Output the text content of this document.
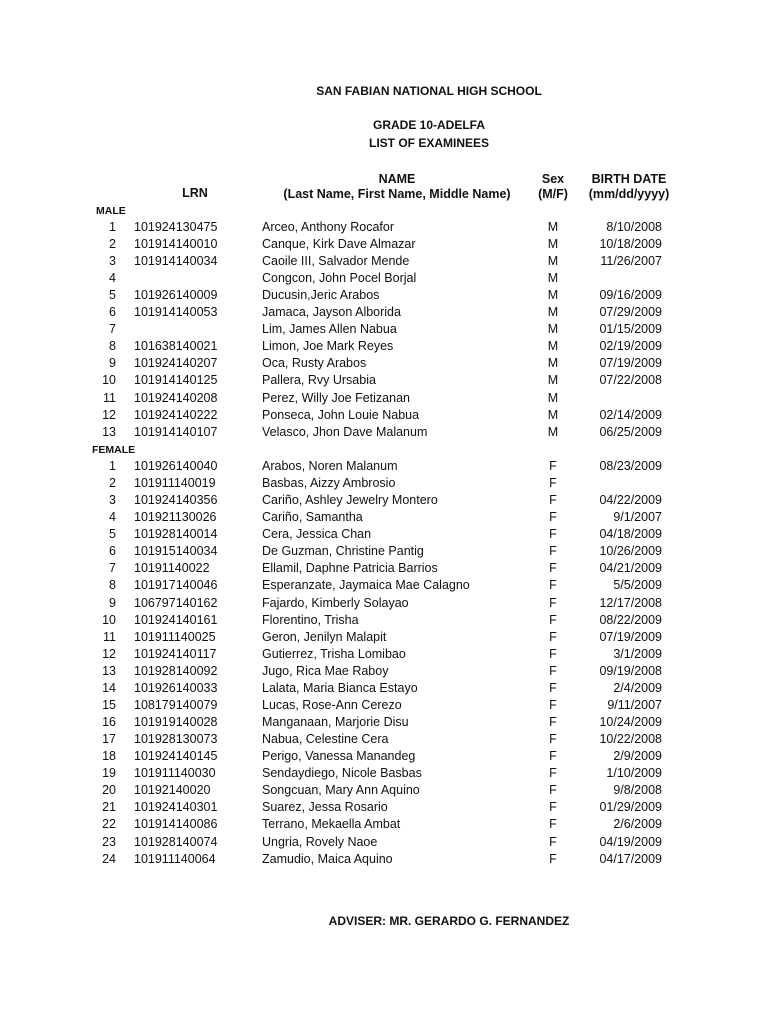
SAN FABIAN NATIONAL HIGH SCHOOL
GRADE 10-ADELFA
LIST OF EXAMINEES
LRN
NAME
(Last Name, First Name, Middle Name)
Sex
(M/F)
BIRTH DATE
(mm/dd/yyyy)
MALE
1 101924130475	Arceo, Anthony Rocafor	M	8/10/2008
2 101914140010	Canque, Kirk Dave Almazar	M	10/18/2009
3 101914140034	Caoile III, Salvador Mende	M	11/26/2007
4	Congcon, John Pocel Borjal	M
5 101926140009	Ducusin,Jeric Arabos	M	09/16/2009
6 101914140053	Jamaca, Jayson Alborida	M	07/29/2009
7	Lim, James Allen Nabua	M	01/15/2009
8 101638140021	Limon, Joe Mark Reyes	M	02/19/2009
9 101924140207	Oca, Rusty Arabos	M	07/19/2009
10 101914140125	Pallera, Rvy Ursabia	M	07/22/2008
11 101924140208	Perez, Willy Joe Fetizanan	M
12 101924140222	Ponseca, John Louie Nabua	M	02/14/2009
13 101914140107	Velasco, Jhon Dave Malanum	M	06/25/2009
FEMALE
1 101926140040	Arabos, Noren Malanum	F	08/23/2009
2 101911140019	Basbas, Aizzy Ambrosio	F
3 101924140356	Cariño, Ashley Jewelry Montero	F	04/22/2009
4 101921130026	Cariño, Samantha	F	9/1/2007
5 101928140014	Cera, Jessica Chan	F	04/18/2009
6 101915140034	De Guzman, Christine Pantig	F	10/26/2009
7 10191140022	Ellamil, Daphne Patricia Barrios	F	04/21/2009
8 101917140046	Esperanzate, Jaymaica Mae Calagno	F	5/5/2009
9 106797140162	Fajardo, Kimberly Solayao	F	12/17/2008
10 101924140161	Florentino, Trisha	F	08/22/2009
11 101911140025	Geron, Jenilyn Malapit	F	07/19/2009
12 101924140117	Gutierrez, Trisha Lomibao	F	3/1/2009
13 101928140092	Jugo, Rica Mae Raboy	F	09/19/2008
14 101926140033	Lalata, Maria Bianca Estayo	F	2/4/2009
15 108179140079	Lucas, Rose-Ann Cerezo	F	9/11/2007
16 101919140028	Manganaan, Marjorie Disu	F	10/24/2009
17 101928130073	Nabua, Celestine Cera	F	10/22/2008
18 101924140145	Perigo, Vanessa Manandeg	F	2/9/2009
19 101911140030	Sendaydiego, Nicole Basbas	F	1/10/2009
20 10192140020	Songcuan, Mary Ann Aquino	F	9/8/2008
21 101924140301	Suarez, Jessa Rosario	F	01/29/2009
22 101914140086	Terrano, Mekaella Ambat	F	2/6/2009
23 101928140074	Ungria, Rovely Naoe	F	04/19/2009
24 101911140064	Zamudio, Maica Aquino	F	04/17/2009
ADVISER: MR. GERARDO G. FERNANDEZ
